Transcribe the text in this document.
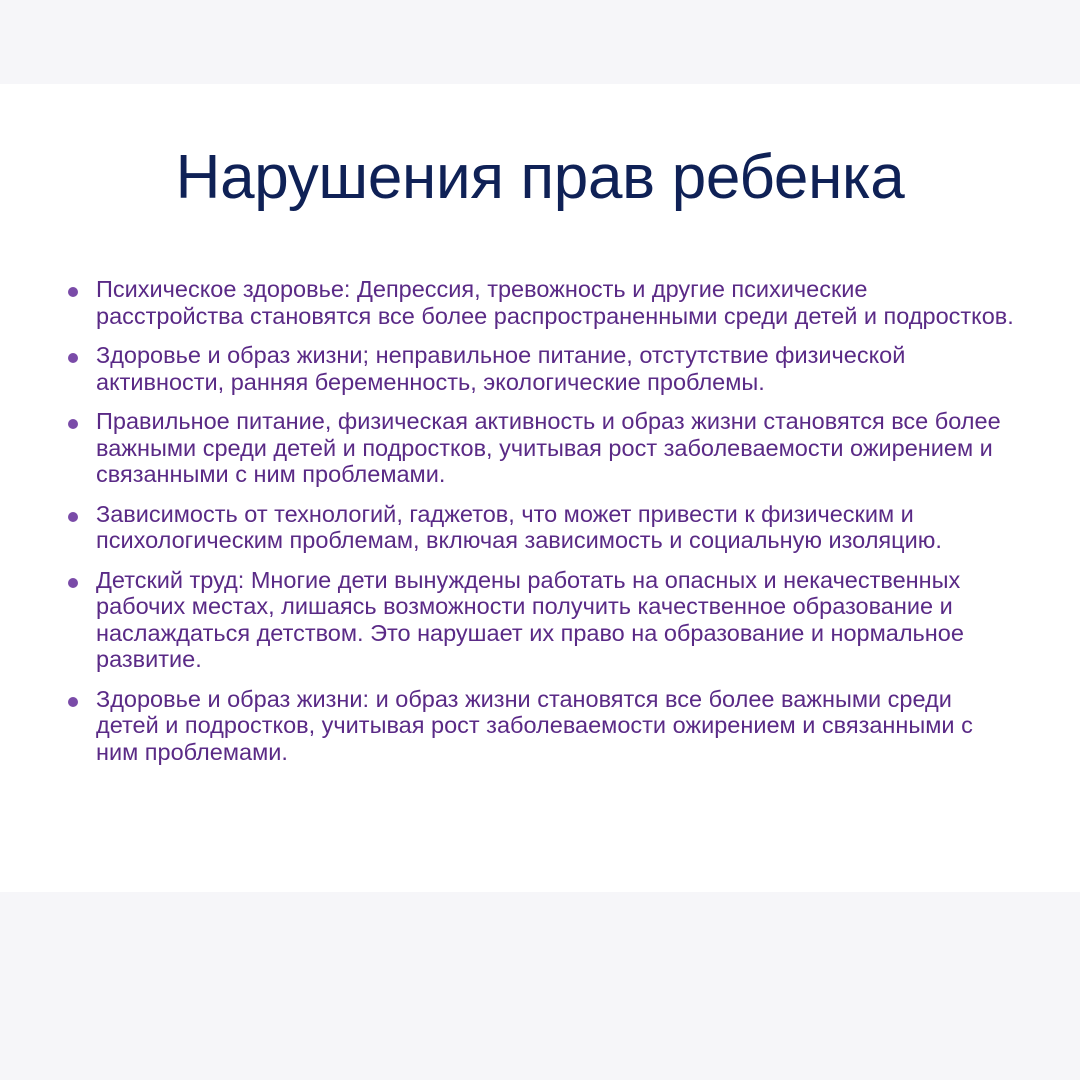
Нарушения прав ребенка
Психическое здоровье: Депрессия, тревожность и другие психические расстройства становятся все более распространенными среди детей и подростков.
Здоровье и образ жизни; неправильное питание, отстутствие физической активности, ранняя беременность, экологические проблемы.
Правильное питание, физическая активность и образ жизни становятся все более важными среди детей и подростков, учитывая рост заболеваемости ожирением и связанными с ним проблемами.
Зависимость от технологий, гаджетов, что может привести к физическим и психологическим проблемам, включая зависимость и социальную изоляцию.
Детский труд: Многие дети вынуждены работать на опасных и некачественных рабочих местах, лишаясь возможности получить качественное образование и наслаждаться детством. Это нарушает их право на образование и нормальное развитие.
Здоровье и образ жизни: и образ жизни становятся все более важными среди детей и подростков, учитывая рост заболеваемости ожирением и связанными с ним проблемами.
